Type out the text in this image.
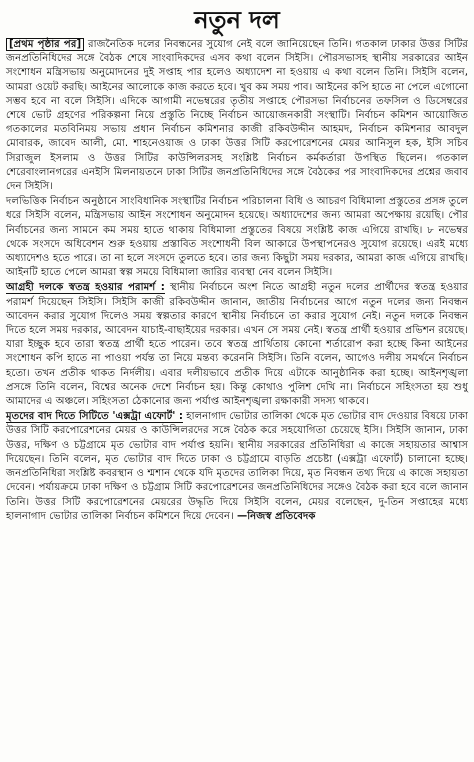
নতুন দল

[প্রথম পৃষ্ঠার পর] রাজনৈতিক দলের নিবন্ধনের সুযোগ নেই বলে জানিয়েছেন তিনি। গতকাল ঢাকার উত্তর সিটির জনপ্রতিনিধিদের সঙ্গে বৈঠক শেষে সাংবাদিকদের এসব কথা বলেন সিইসি। পৌরসভাসহ স্থানীয় সরকারের আইন সংশোধন মন্ত্রিসভায় অনুমোদনের দুই সপ্তাহ পার হলেও অধ্যাদেশ না হওয়ায় এ কথা বলেন তিনি। সিইসি বলেন, আমরা ওয়েট করছি। আইনের আলোকে কাজ করতে হবে। খুব কম সময় পাব। আইনের কপি হাতে না পেলে এগোনো সম্ভব হবে না বলে সিইসি। এদিকে আগামী নভেম্বরের তৃতীয় সপ্তাহে পৌরসভা নির্বাচনের তফসিল ও ডিসেম্বরের শেষে ভোট গ্রহণের পরিকল্পনা নিয়ে প্রস্তুতি নিচ্ছে নির্বাচন আয়োজনকারী সংস্থাটি। নির্বাচন কমিশন আয়োজিত গতকালের মতবিনিময় সভায় প্রধান নির্বাচন কমিশনার কাজী রকিবউদ্দীন আহমদ, নির্বাচন কমিশনার আবদুল মোবারক, জাবেদ আলী, মো. শাহনেওয়াজ ও ঢাকা উত্তর সিটি করপোরেশনের মেয়র আনিসুল হক, ইসি সচিব সিরাজুল ইসলাম ও উত্তর সিটির কাউন্সিলরসহ সংশ্লিষ্ট নির্বাচন কর্মকর্তারা উপস্থিত ছিলেন। গতকাল শেরেবাংলানগরের এনইসি মিলনায়তনে ঢাকা সিটির জনপ্রতিনিধিদের সঙ্গে বৈঠকের পর সাংবাদিকদের প্রশ্নের জবাব দেন সিইসি।

দলভিত্তিক নির্বাচন অনুষ্ঠানে সাংবিধানিক সংস্থাটির নির্বাচন পরিচালনা বিধি ও আচরণ বিধিমালা প্রস্তুতের প্রসঙ্গ তুলে ধরে সিইসি বলেন, মন্ত্রিসভায় আইন সংশোধন অনুমোদন হয়েছে। অধ্যাদেশের জন্য আমরা অপেক্ষায় রয়েছি। পৌর নির্বাচনের জন্য সামনে কম সময় হাতে থাকায় বিধিমালা প্রস্তুতের বিষয়ে সংশ্লিষ্ট কাজ এগিয়ে রাখছি। ৮ নভেম্বর থেকে সংসদে অধিবেশন শুরু হওয়ায় প্রস্তাবিত সংশোধনী বিল আকারে উপস্থাপনেরও সুযোগ রয়েছে। এরই মধ্যে অধ্যাদেশও হতে পারে। তা না হলে সংসদে তুলতে হবে। তার জন্য কিছুটা সময় দরকার, আমরা কাজ এগিয়ে রাখছি। আইনটি হাতে পেলে আমরা স্বল্প সময়ে বিধিমালা জারির ব্যবস্থা নেব বলেন সিইসি।

আগ্রহী দলকে স্বতন্ত্র হওয়ার পরামর্শ : স্থানীয় নির্বাচনে অংশ নিতে আগ্রহী নতুন দলের প্রার্থীদের স্বতন্ত্র হওয়ার পরামর্শ দিয়েছেন সিইসি। সিইসি কাজী রকিবউদ্দীন জানান, জাতীয় নির্বাচনের আগে নতুন দলের জন্য নিবন্ধন আবেদন করার সুযোগ দিলেও সময় স্বল্পতার কারণে স্থানীয় নির্বাচনে তা করার সুযোগ নেই। নতুন দলকে নিবন্ধন দিতে হলে সময় দরকার, আবেদন যাচাই-বাছাইয়ের দরকার। এখন সে সময় নেই। স্বতন্ত্র প্রার্থী হওয়ার প্রভিশন রয়েছে। যারা ইচ্ছুক হবে তারা স্বতন্ত্র প্রার্থী হতে পারেন। তবে স্বতন্ত্র প্রার্থিতায় কোনো শর্তারোপ করা হচ্ছে কিনা আইনের সংশোধন কপি হাতে না পাওয়া পর্যন্ত তা নিয়ে মন্তব্য করেননি সিইসি। তিনি বলেন, আগেও দলীয় সমর্থনে নির্বাচন হতো। তখন প্রতীক থাকত নির্দলীয়। এবার দলীয়ভাবে প্রতীক দিয়ে এটাকে আনুষ্ঠানিক করা হচ্ছে। আইনশৃঙ্খলা প্রসঙ্গে তিনি বলেন, বিশ্বের অনেক দেশে নির্বাচন হয়। কিন্তু কোথাও পুলিশ দেখি না। নির্বাচনে সহিংসতা হয় শুধু আমাদের এ অঞ্চলে। সহিংসতা ঠেকানোর জন্য পর্যাপ্ত আইনশৃঙ্খলা রক্ষাকারী সদস্য থাকবে।

মৃতদের বাদ দিতে সিটিতে 'এক্সট্রা এফোর্ট' : হালনাগাদ ভোটার তালিকা থেকে মৃত ভোটার বাদ দেওয়ার বিষয়ে ঢাকা উত্তর সিটি করপোরেশনের মেয়র ও কাউন্সিলরদের সঙ্গে বৈঠক করে সহযোগিতা চেয়েছে ইসি। সিইসি জানান, ঢাকা উত্তর, দক্ষিণ ও চট্টগ্রামে মৃত ভোটার বাদ পর্যাপ্ত হয়নি। স্থানীয় সরকারের প্রতিনিধিরা এ কাজে সহায়তার আশ্বাস দিয়েছেন। তিনি বলেন, মৃত ভোটার বাদ দিতে ঢাকা ও চট্টগ্রামে বাড়তি প্রচেষ্টা (এক্সট্রা এফোর্ট) চালানো হচ্ছে। জনপ্রতিনিধিরা সংশ্লিষ্ট কবরস্থান ও শ্মশান থেকে যদি মৃতদের তালিকা দিয়ে, মৃত নিবন্ধন তথ্য দিয়ে এ কাজে সহায়তা দেবেন। পর্যায়ক্রমে ঢাকা দক্ষিণ ও চট্টগ্রাম সিটি করপোরেশনের জনপ্রতিনিধিদের সঙ্গেও বৈঠক করা হবে বলে জানান তিনি। উত্তর সিটি করপোরেশনের মেয়রের উদ্ধৃতি দিয়ে সিইসি বলেন, মেয়র বলেছেন, দু-তিন সপ্তাহের মধ্যে হালনাগাদ ভোটার তালিকা নির্বাচন কমিশনে দিয়ে দেবেন। —নিজস্ব প্রতিবেদক
